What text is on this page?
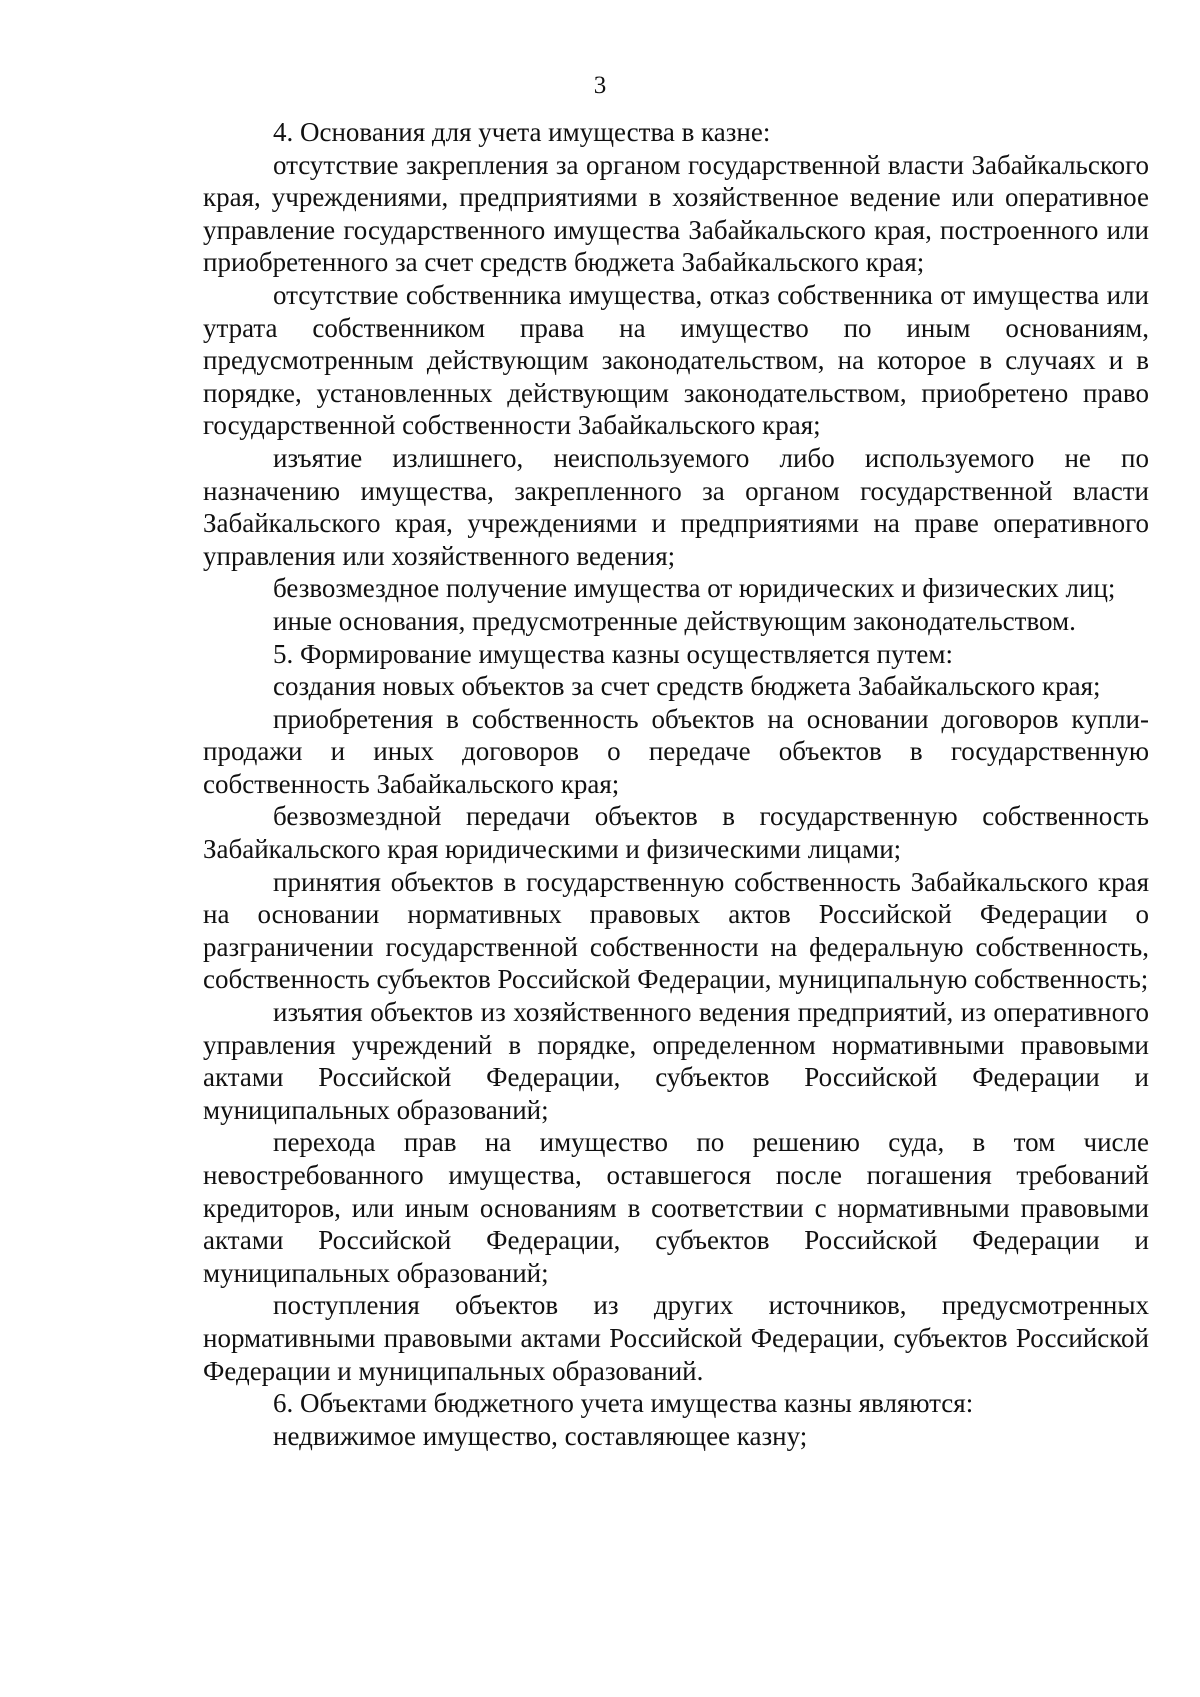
3

4. Основания для учета имущества в казне:

отсутствие закрепления за органом государственной власти Забайкальского края, учреждениями, предприятиями в хозяйственное ведение или оперативное управление государственного имущества Забайкальского края, построенного или приобретенного за счет средств бюджета Забайкальского края;

отсутствие собственника имущества, отказ собственника от имущества или утрата собственником права на имущество по иным основаниям, предусмотренным действующим законодательством, на которое в случаях и в порядке, установленных действующим законодательством, приобретено право государственной собственности Забайкальского края;

изъятие излишнего, неиспользуемого либо используемого не по назначению имущества, закрепленного за органом государственной власти Забайкальского края, учреждениями и предприятиями на праве оперативного управления или хозяйственного ведения;

безвозмездное получение имущества от юридических и физических лиц;

иные основания, предусмотренные действующим законодательством.

5. Формирование имущества казны осуществляется путем:

создания новых объектов за счет средств бюджета Забайкальского края;

приобретения в собственность объектов на основании договоров купли-продажи и иных договоров о передаче объектов в государственную собственность Забайкальского края;

безвозмездной передачи объектов в государственную собственность Забайкальского края юридическими и физическими лицами;

принятия объектов в государственную собственность Забайкальского края на основании нормативных правовых актов Российской Федерации о разграничении государственной собственности на федеральную собственность, собственность субъектов Российской Федерации, муниципальную собственность;

изъятия объектов из хозяйственного ведения предприятий, из оперативного управления учреждений в порядке, определенном нормативными правовыми актами Российской Федерации, субъектов Российской Федерации и муниципальных образований;

перехода прав на имущество по решению суда, в том числе невостребованного имущества, оставшегося после погашения требований кредиторов, или иным основаниям в соответствии с нормативными правовыми актами Российской Федерации, субъектов Российской Федерации и муниципальных образований;

поступления объектов из других источников, предусмотренных нормативными правовыми актами Российской Федерации, субъектов Российской Федерации и муниципальных образований.

6. Объектами бюджетного учета имущества казны являются:

недвижимое имущество, составляющее казну;
